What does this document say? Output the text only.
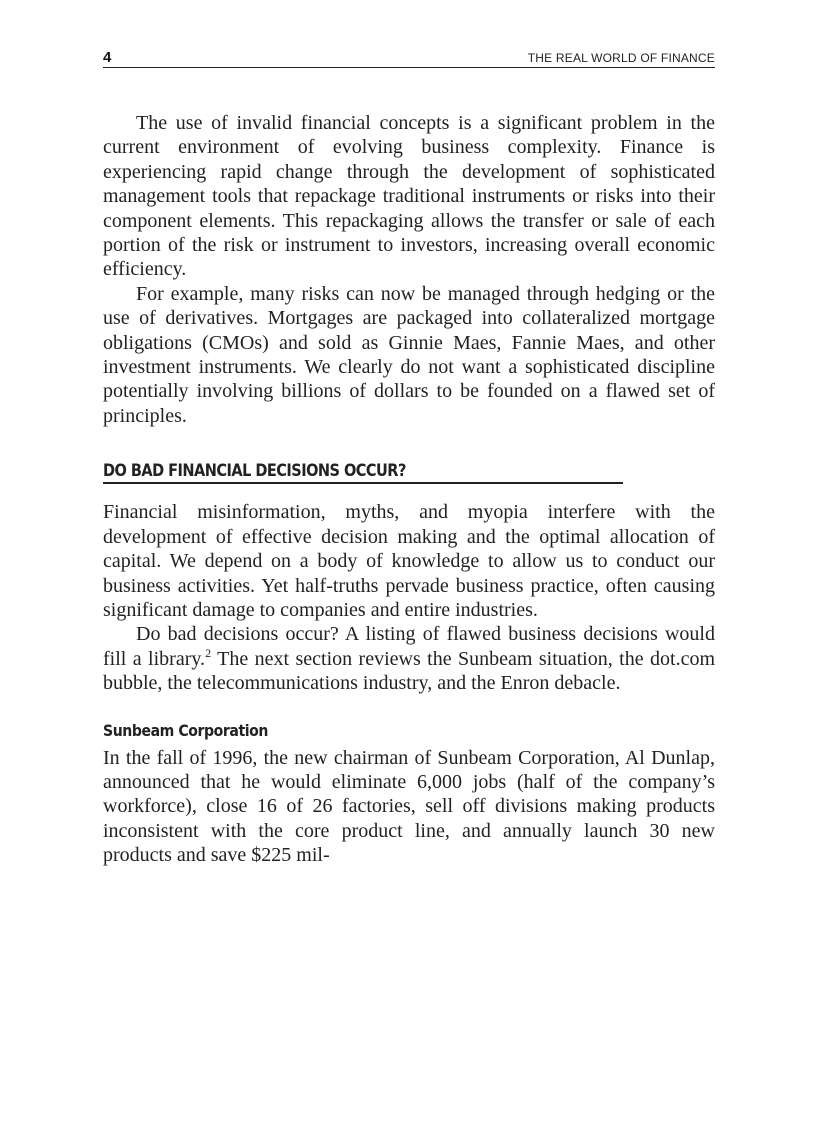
4	THE REAL WORLD OF FINANCE

The use of invalid financial concepts is a significant problem in the current environment of evolving business complexity. Finance is experiencing rapid change through the development of sophisticated management tools that repackage traditional instruments or risks into their component elements. This repackaging allows the transfer or sale of each portion of the risk or instrument to investors, increasing overall economic efficiency.

For example, many risks can now be managed through hedging or the use of derivatives. Mortgages are packaged into collateralized mortgage obligations (CMOs) and sold as Ginnie Maes, Fannie Maes, and other investment instruments. We clearly do not want a sophisticated discipline potentially involving billions of dollars to be founded on a flawed set of principles.

DO BAD FINANCIAL DECISIONS OCCUR?

Financial misinformation, myths, and myopia interfere with the development of effective decision making and the optimal allocation of capital. We depend on a body of knowledge to allow us to conduct our business activities. Yet half-truths pervade business practice, often causing significant damage to companies and entire industries.

Do bad decisions occur? A listing of flawed business decisions would fill a library.$^2$ The next section reviews the Sunbeam situation, the dot.com bubble, the telecommunications industry, and the Enron debacle.

Sunbeam Corporation

In the fall of 1996, the new chairman of Sunbeam Corporation, Al Dunlap, announced that he would eliminate 6,000 jobs (half of the company’s workforce), close 16 of 26 factories, sell off divisions making products inconsistent with the core product line, and annually launch 30 new products and save $225 mil-
